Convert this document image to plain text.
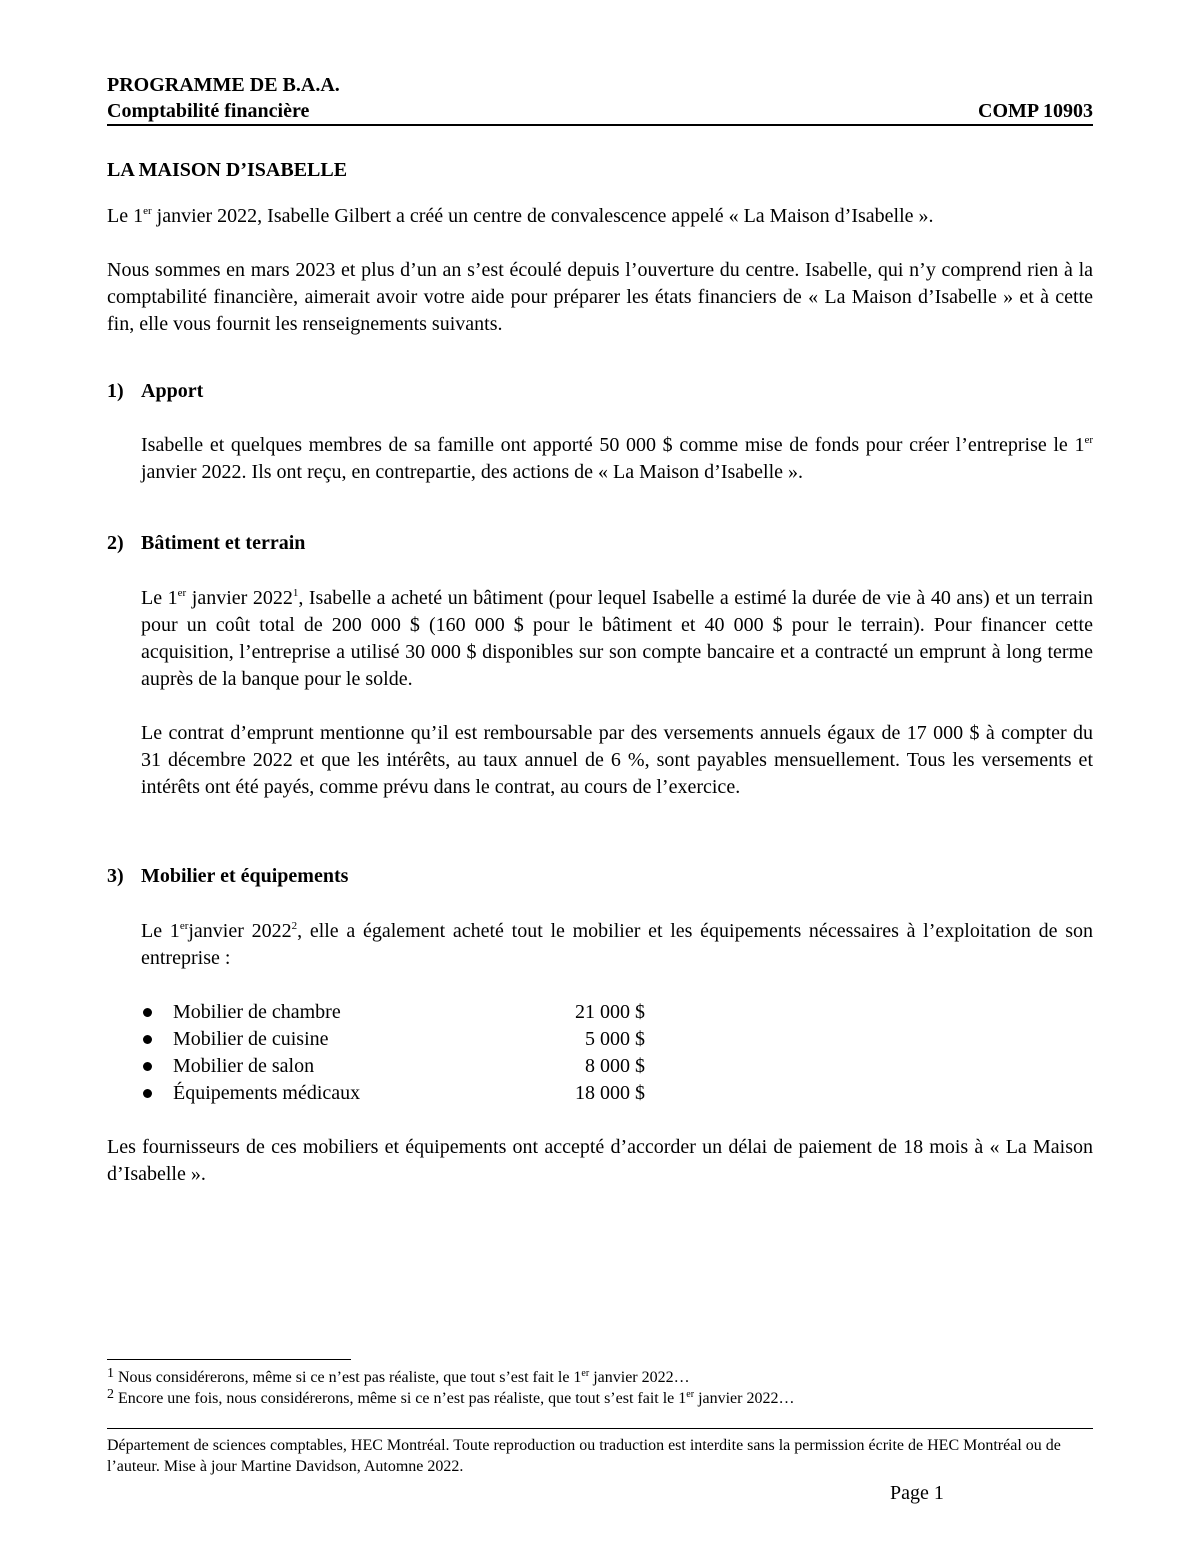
PROGRAMME DE B.A.A.
Comptabilité financière	COMP 10903

LA MAISON D’ISABELLE

Le 1er janvier 2022, Isabelle Gilbert a créé un centre de convalescence appelé « La Maison d’Isabelle ».

Nous sommes en mars 2023 et plus d’un an s’est écoulé depuis l’ouverture du centre. Isabelle, qui n’y comprend rien à la comptabilité financière, aimerait avoir votre aide pour préparer les états financiers de « La Maison d’Isabelle » et à cette fin, elle vous fournit les renseignements suivants.

1) Apport

Isabelle et quelques membres de sa famille ont apporté 50 000 $ comme mise de fonds pour créer l’entreprise le 1er janvier 2022. Ils ont reçu, en contrepartie, des actions de « La Maison d’Isabelle ».

2) Bâtiment et terrain

Le 1er janvier 2022$^1$, Isabelle a acheté un bâtiment (pour lequel Isabelle a estimé la durée de vie à 40 ans) et un terrain pour un coût total de 200 000 $ (160 000 $ pour le bâtiment et 40 000 $ pour le terrain). Pour financer cette acquisition, l’entreprise a utilisé 30 000 $ disponibles sur son compte bancaire et a contracté un emprunt à long terme auprès de la banque pour le solde.

Le contrat d’emprunt mentionne qu’il est remboursable par des versements annuels égaux de 17 000 $ à compter du 31 décembre 2022 et que les intérêts, au taux annuel de 6 %, sont payables mensuellement. Tous les versements et intérêts ont été payés, comme prévu dans le contrat, au cours de l’exercice.

3) Mobilier et équipements

Le 1erjanvier 2022$^2$, elle a également acheté tout le mobilier et les équipements nécessaires à l’exploitation de son entreprise :

Mobilier de chambre	21 000 $
Mobilier de cuisine	5 000 $
Mobilier de salon	8 000 $
Équipements médicaux	18 000 $

Les fournisseurs de ces mobiliers et équipements ont accepté d’accorder un délai de paiement de 18 mois à « La Maison d’Isabelle ».

1 Nous considérerons, même si ce n’est pas réaliste, que tout s’est fait le 1er janvier 2022…
2 Encore une fois, nous considérerons, même si ce n’est pas réaliste, que tout s’est fait le 1er janvier 2022…
Département de sciences comptables, HEC Montréal. Toute reproduction ou traduction est interdite sans la permission écrite de HEC Montréal ou de l’auteur. Mise à jour Martine Davidson, Automne 2022.
Page 1
